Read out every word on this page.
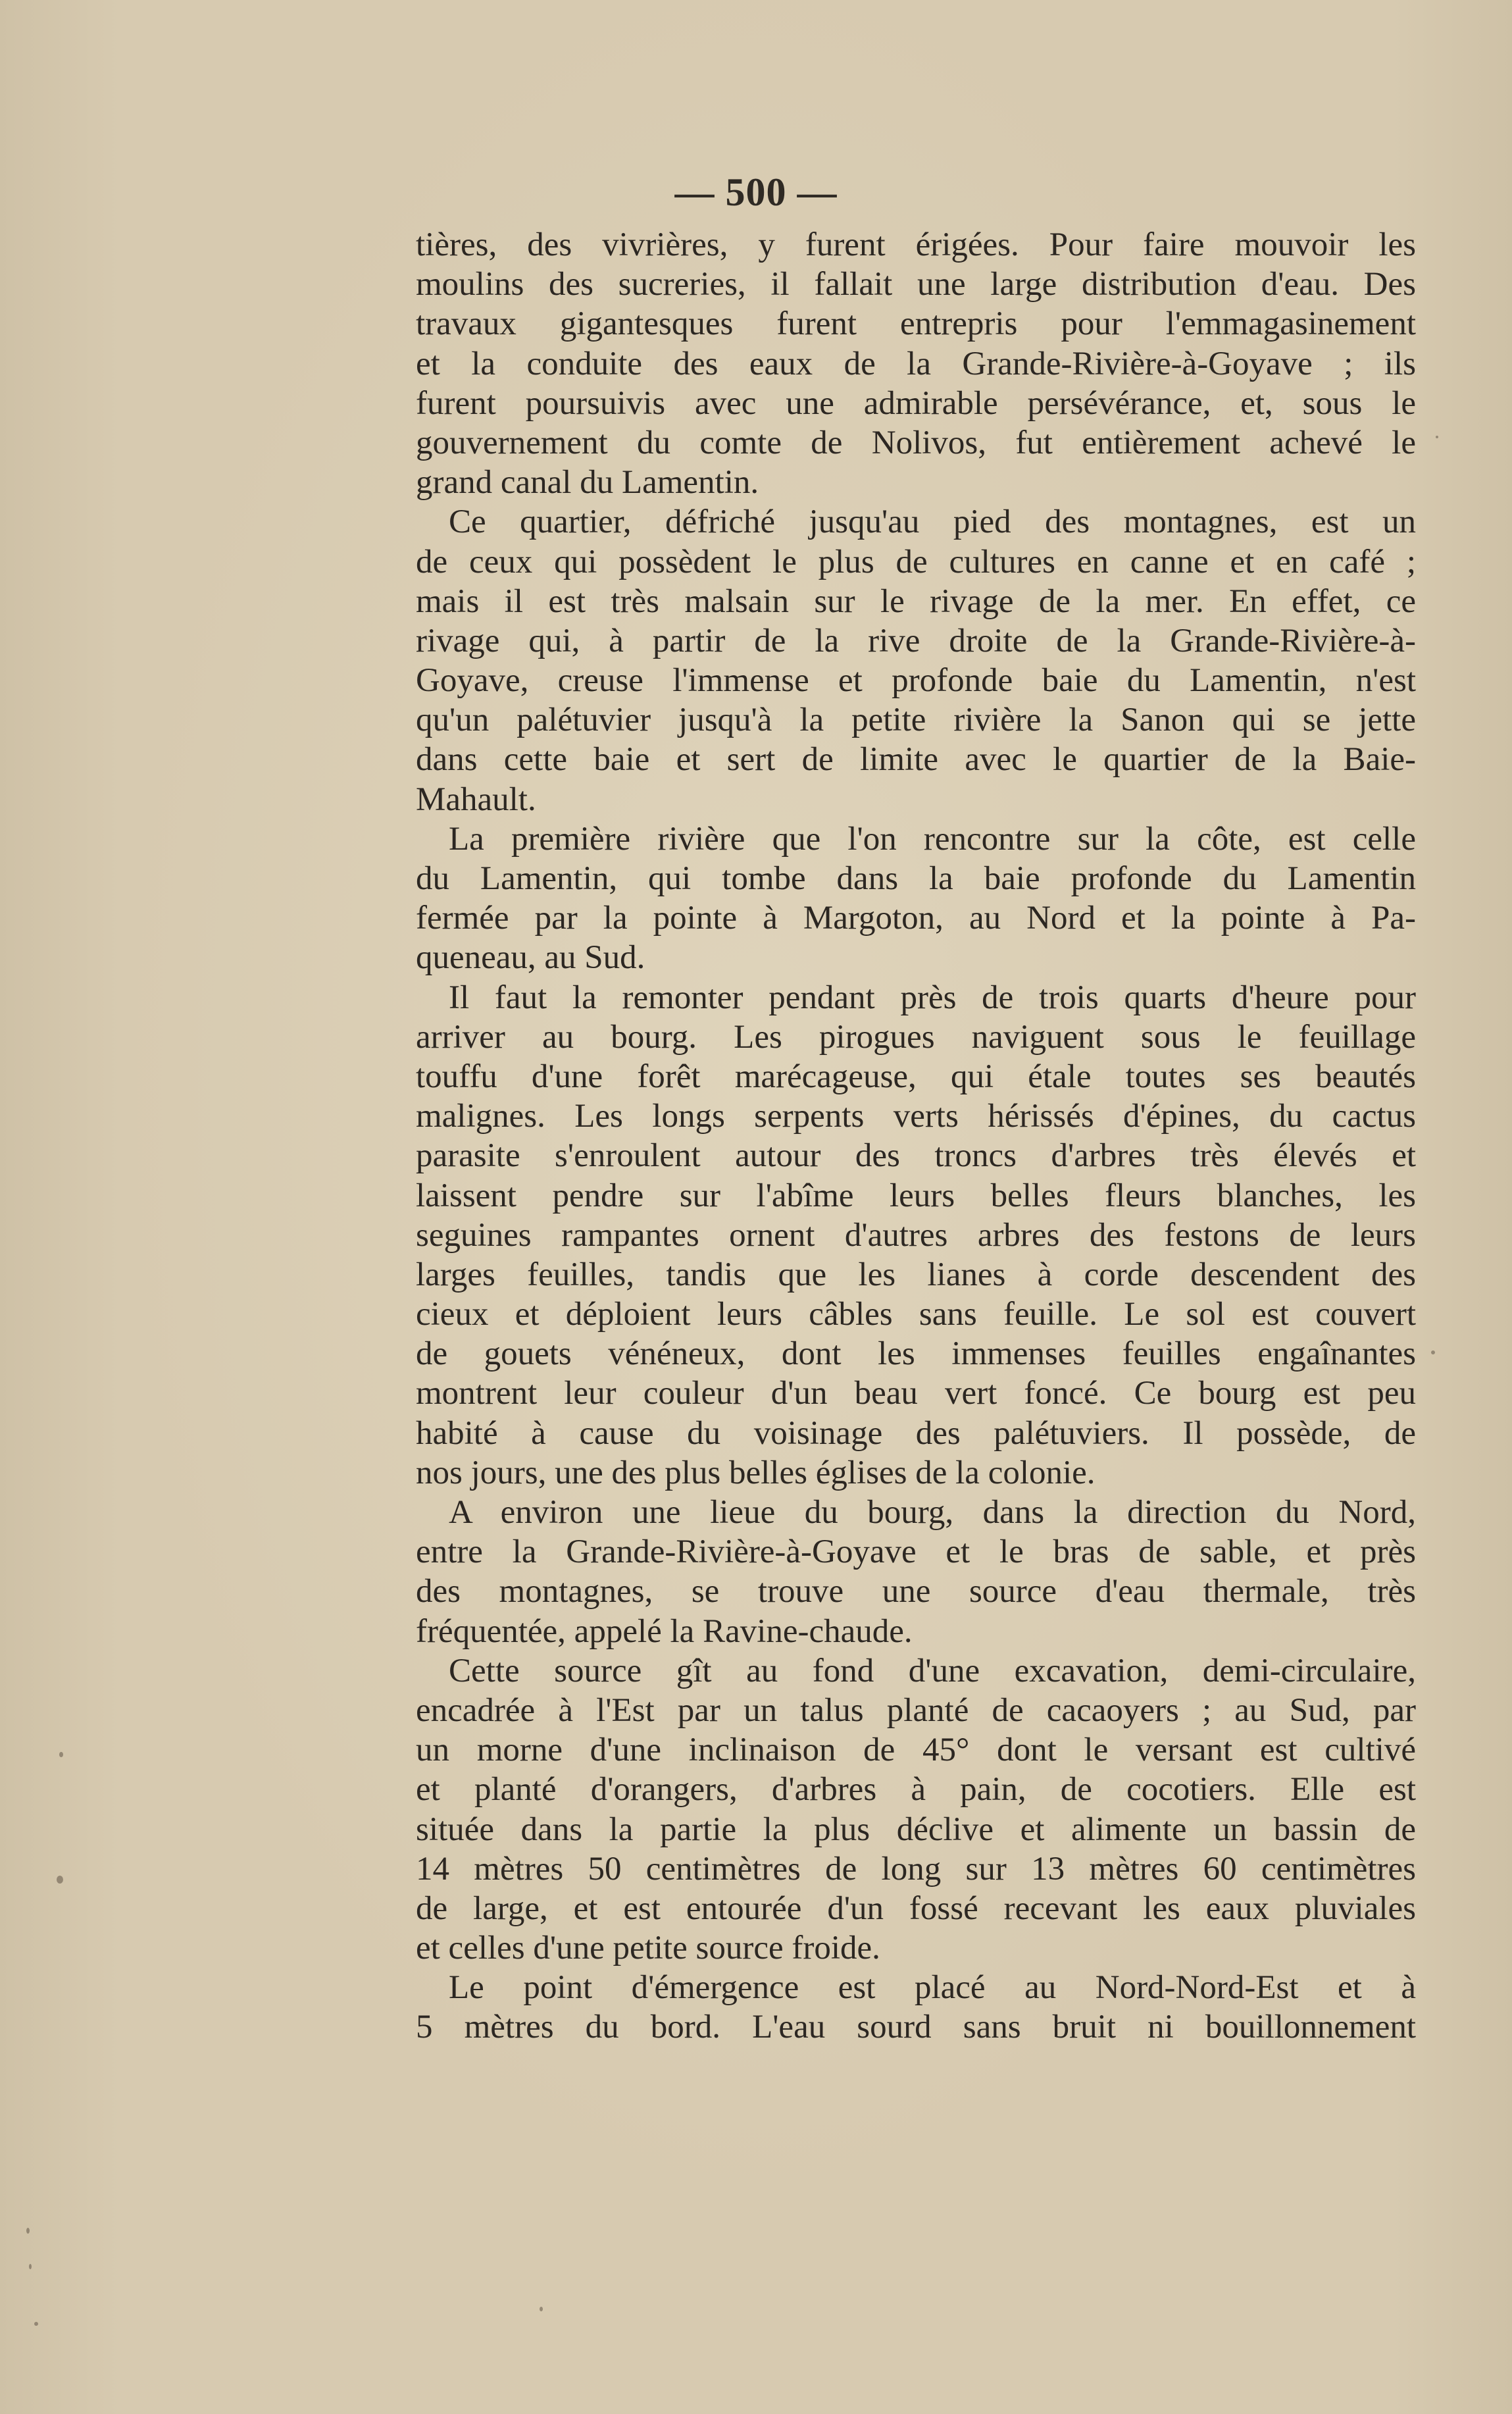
— 500 —
tières, des vivrières, y furent érigées. Pour faire mouvoir les
moulins des sucreries, il fallait une large distribution d'eau. Des
travaux gigantesques furent entrepris pour l'emmagasinement
et la conduite des eaux de la Grande-Rivière-à-Goyave ; ils
furent poursuivis avec une admirable persévérance, et, sous le
gouvernement du comte de Nolivos, fut entièrement achevé le
grand canal du Lamentin.
Ce quartier, défriché jusqu'au pied des montagnes, est un
de ceux qui possèdent le plus de cultures en canne et en café ;
mais il est très malsain sur le rivage de la mer. En effet, ce
rivage qui, à partir de la rive droite de la Grande-Rivière-à-
Goyave, creuse l'immense et profonde baie du Lamentin, n'est
qu'un palétuvier jusqu'à la petite rivière la Sanon qui se jette
dans cette baie et sert de limite avec le quartier de la Baie-
Mahault.
La première rivière que l'on rencontre sur la côte, est celle
du Lamentin, qui tombe dans la baie profonde du Lamentin
fermée par la pointe à Margoton, au Nord et la pointe à Pa-
queneau, au Sud.
Il faut la remonter pendant près de trois quarts d'heure pour
arriver au bourg. Les pirogues naviguent sous le feuillage
touffu d'une forêt marécageuse, qui étale toutes ses beautés
malignes. Les longs serpents verts hérissés d'épines, du cactus
parasite s'enroulent autour des troncs d'arbres très élevés et
laissent pendre sur l'abîme leurs belles fleurs blanches, les
seguines rampantes ornent d'autres arbres des festons de leurs
larges feuilles, tandis que les lianes à corde descendent des
cieux et déploient leurs câbles sans feuille. Le sol est couvert
de gouets vénéneux, dont les immenses feuilles engaînantes
montrent leur couleur d'un beau vert foncé. Ce bourg est peu
habité à cause du voisinage des palétuviers. Il possède, de
nos jours, une des plus belles églises de la colonie.
A environ une lieue du bourg, dans la direction du Nord,
entre la Grande-Rivière-à-Goyave et le bras de sable, et près
des montagnes, se trouve une source d'eau thermale, très
fréquentée, appelé la Ravine-chaude.
Cette source gît au fond d'une excavation, demi-circulaire,
encadrée à l'Est par un talus planté de cacaoyers ; au Sud, par
un morne d'une inclinaison de 45° dont le versant est cultivé
et planté d'orangers, d'arbres à pain, de cocotiers. Elle est
située dans la partie la plus déclive et alimente un bassin de
14 mètres 50 centimètres de long sur 13 mètres 60 centimètres
de large, et est entourée d'un fossé recevant les eaux pluviales
et celles d'une petite source froide.
Le point d'émergence est placé au Nord-Nord-Est et à
5 mètres du bord. L'eau sourd sans bruit ni bouillonnement
